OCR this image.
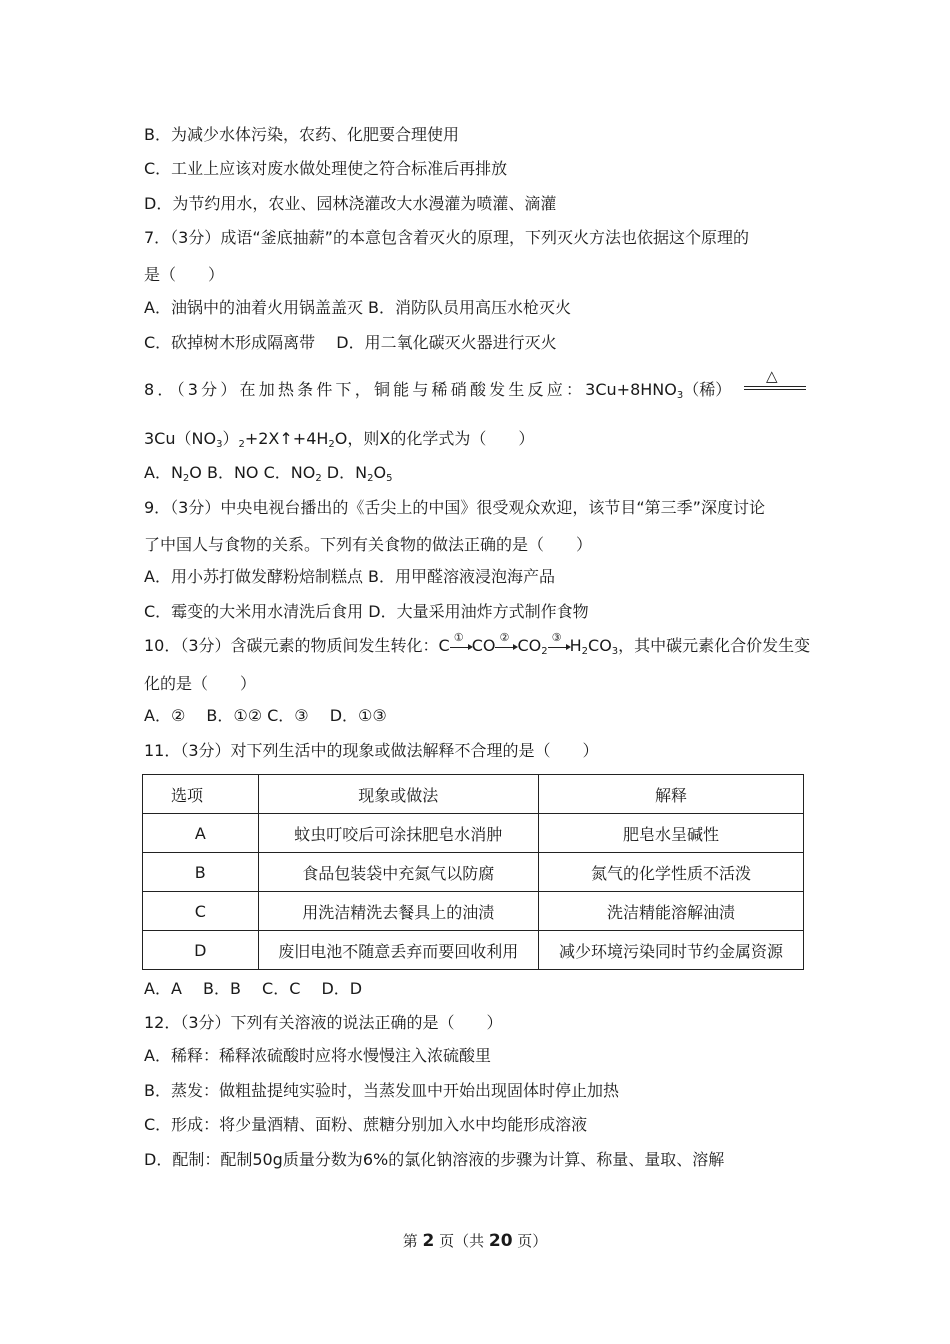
B．为减少水体污染，农药、化肥要合理使用
C．工业上应该对废水做处理使之符合标准后再排放
D．为节约用水，农业、园林浇灌改大水漫灌为喷灌、滴灌
7．（3分）成语“釜底抽薪”的本意包含着灭火的原理，下列灭火方法也依据这个原理的
是（　　）
A．油锅中的油着火用锅盖盖灭 B．消防队员用高压水枪灭火
C．砍掉树木形成隔离带　 D．用二氧化碳灭火器进行灭火
8．（3分）在加热条件下，铜能与稀硝酸发生反应：$3Cu+8HNO_3$（稀）
△
$3Cu(NO_3)_2+2X↑+4H_2O$，则X的化学式为（　　）
A．$N_2O$ B．NO C．$NO_2$ D．$N_2O_5$
9．（3分）中央电视台播出的《舌尖上的中国》很受观众欢迎，该节目“第三季”深度讨论
了中国人与食物的关系。下列有关食物的做法正确的是（　　）
A．用小苏打做发酵粉焙制糕点 B．用甲醛溶液浸泡海产品
C．霉变的大米用水清洗后食用 D．大量采用油炸方式制作食物
10．（3分）含碳元素的物质间发生转化：C ① CO ② $CO_2$
③ $H_2CO_3$，其中碳元素化合价发生变
化的是（　　）
A．②　 B．①② C．③　 D．①③
11．（3分）对下列生活中的现象或做法解释不合理的是（　　）
选项	现象或做法	解释
A	蚊虫叮咬后可涂抹肥皂水消肿	肥皂水呈碱性
B	食品包装袋中充氮气以防腐	氮气的化学性质不活泼
C	用洗洁精洗去餐具上的油渍	洗洁精能溶解油渍
D	废旧电池不随意丢弃而要回收利用	减少环境污染同时节约金属资源
A．A　 B．B　 C．C　 D．D
12．（3分）下列有关溶液的说法正确的是（　　）
A．稀释：稀释浓硫酸时应将水慢慢注入浓硫酸里
B．蒸发：做粗盐提纯实验时，当蒸发皿中开始出现固体时停止加热
C．形成：将少量酒精、面粉、蔗糖分别加入水中均能形成溶液
D．配制：配制50g质量分数为6%的氯化钠溶液的步骤为计算、称量、量取、溶解
第 2 页（共 20 页）
